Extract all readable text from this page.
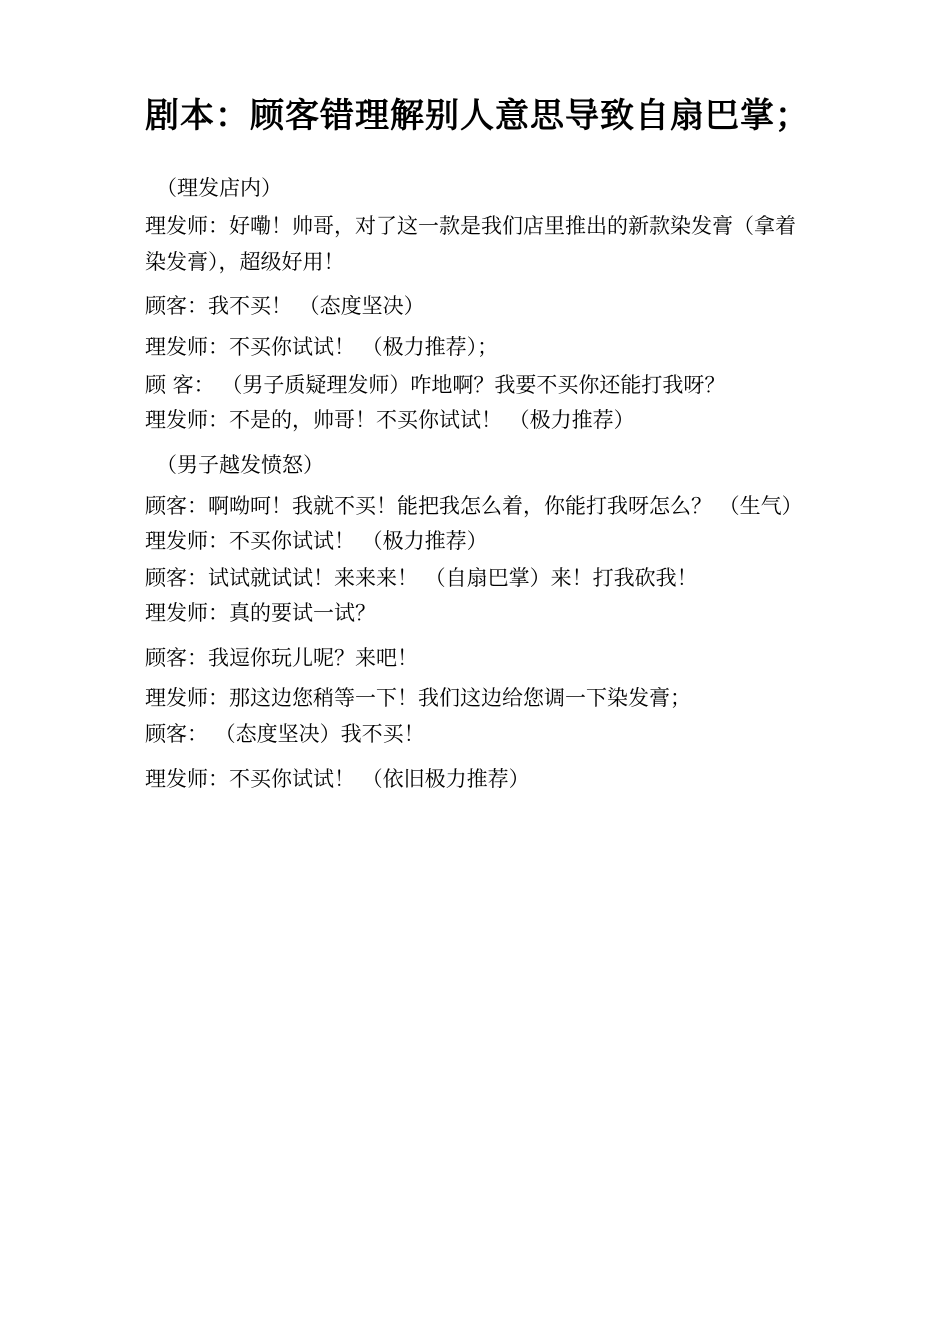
剧本：顾客错理解别人意思导致自扇巴掌；
（理发店内）
理发师：好嘞！帅哥，对了这一款是我们店里推出的新款染发膏（拿着染发膏），超级好用！
顾客：我不买！ （态度坚决）
理发师：不买你试试！ （极力推荐）；
顾 客： （男子质疑理发师）咋地啊？我要不买你还能打我呀？
理发师：不是的，帅哥！不买你试试！ （极力推荐）
（男子越发愤怒）
顾客：啊呦呵！我就不买！能把我怎么着，你能打我呀怎么？ （生气）
理发师：不买你试试！ （极力推荐）
顾客：试试就试试！来来来！ （自扇巴掌）来！打我砍我！
理发师：真的要试一试？
顾客：我逗你玩儿呢？来吧！
理发师：那这边您稍等一下！我们这边给您调一下染发膏；
顾客： （态度坚决）我不买！
理发师：不买你试试！ （依旧极力推荐）
